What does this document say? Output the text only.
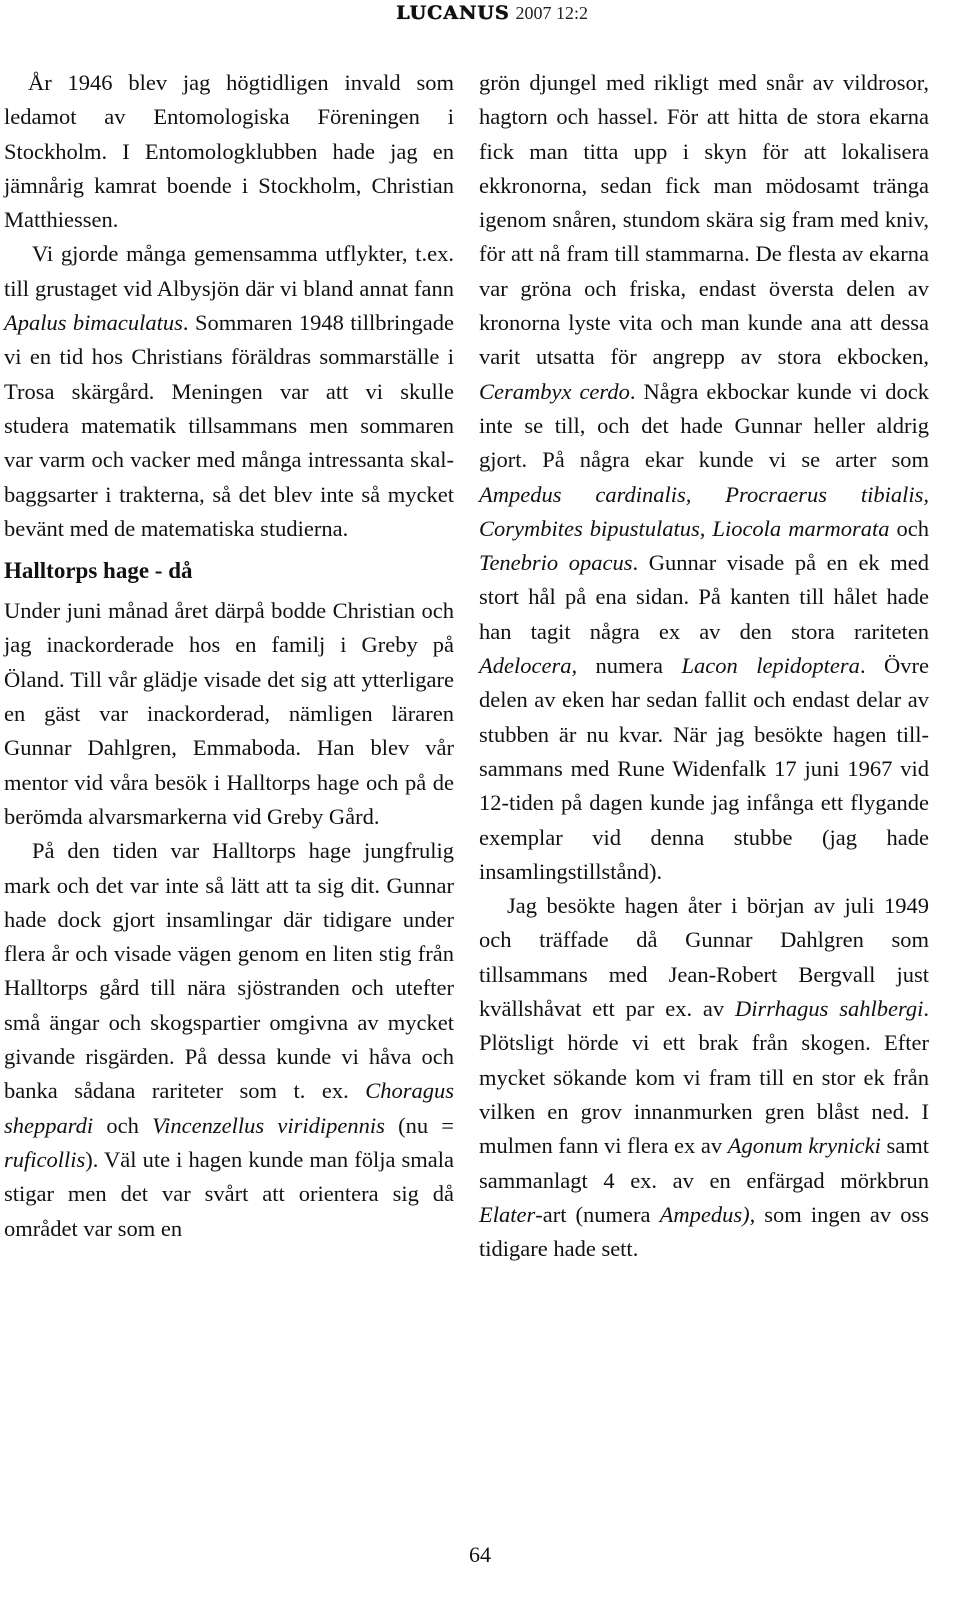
LUCANUS 2007 12:2

År 1946 blev jag högtidligen invald som ledamot av Entomologiska Föreningen i Stockholm. I Entomologklubben hade jag en jämnårig kamrat boende i Stockholm, Christian Matthiessen.

Vi gjorde många gemensamma utflykter, t.ex. till grustaget vid Albysjön där vi bland annat fann Apalus bimaculatus. Sommaren 1948 tillbringade vi en tid hos Christians föräldras sommarställe i Trosa skärgård. Meningen var att vi skulle studera matematik tillsammans men sommaren var varm och vacker med många intressanta skalbaggsarter i trakterna, så det blev inte så mycket bevänt med de matematiska studierna.

Halltorps hage - då

Under juni månad året därpå bodde Christian och jag inackorderade hos en familj i Greby på Öland. Till vår glädje visade det sig att ytterligare en gäst var inackorderad, nämligen läraren Gunnar Dahlgren, Emmaboda. Han blev vår mentor vid våra besök i Halltorps hage och på de berömda alvarsmarkerna vid Greby Gård.

På den tiden var Halltorps hage jungfrulig mark och det var inte så lätt att ta sig dit. Gunnar hade dock gjort insamlingar där tidigare under flera år och visade vägen genom en liten stig från Halltorps gård till nära sjöstranden och utefter små ängar och skogspartier omgivna av mycket givande risgärden. På dessa kunde vi håva och banka sådana rariteter som t. ex. Choragus sheppardi och Vincenzellus viridipennis (nu = ruficollis). Väl ute i hagen kunde man följa smala stigar men det var svårt att orientera sig då området var som en

grön djungel med rikligt med snår av vildrosor, hagtorn och hassel. För att hitta de stora ekarna fick man titta upp i skyn för att lokalisera ekkronorna, sedan fick man mödosamt tränga igenom snåren, stundom skära sig fram med kniv, för att nå fram till stammarna. De flesta av ekarna var gröna och friska, endast översta delen av kronorna lyste vita och man kunde ana att dessa varit utsatta för angrepp av stora ekbocken, Cerambyx cerdo. Några ekbockar kunde vi dock inte se till, och det hade Gunnar heller aldrig gjort. På några ekar kunde vi se arter som Ampedus cardinalis, Procraerus tibialis, Corymbites bipustulatus, Liocola marmorata och Tenebrio opacus. Gunnar visade på en ek med stort hål på ena sidan. På kanten till hålet hade han tagit några ex av den stora rariteten Adelocera, numera Lacon lepidoptera. Övre delen av eken har sedan fallit och endast delar av stubben är nu kvar. När jag besökte hagen tillsammans med Rune Widenfalk 17 juni 1967 vid 12-tiden på dagen kunde jag infånga ett flygande exemplar vid denna stubbe (jag hade insamlingstillstånd).

Jag besökte hagen åter i början av juli 1949 och träffade då Gunnar Dahlgren som tillsammans med Jean-Robert Bergvall just kvällshåvat ett par ex. av Dirrhagus sahlbergi. Plötsligt hörde vi ett brak från skogen. Efter mycket sökande kom vi fram till en stor ek från vilken en grov innanmurken gren blåst ned. I mulmen fann vi flera ex av Agonum krynicki samt sammanlagt 4 ex. av en enfärgad mörkbrun Elater-art (numera Ampedus), som ingen av oss tidigare hade sett.

64
